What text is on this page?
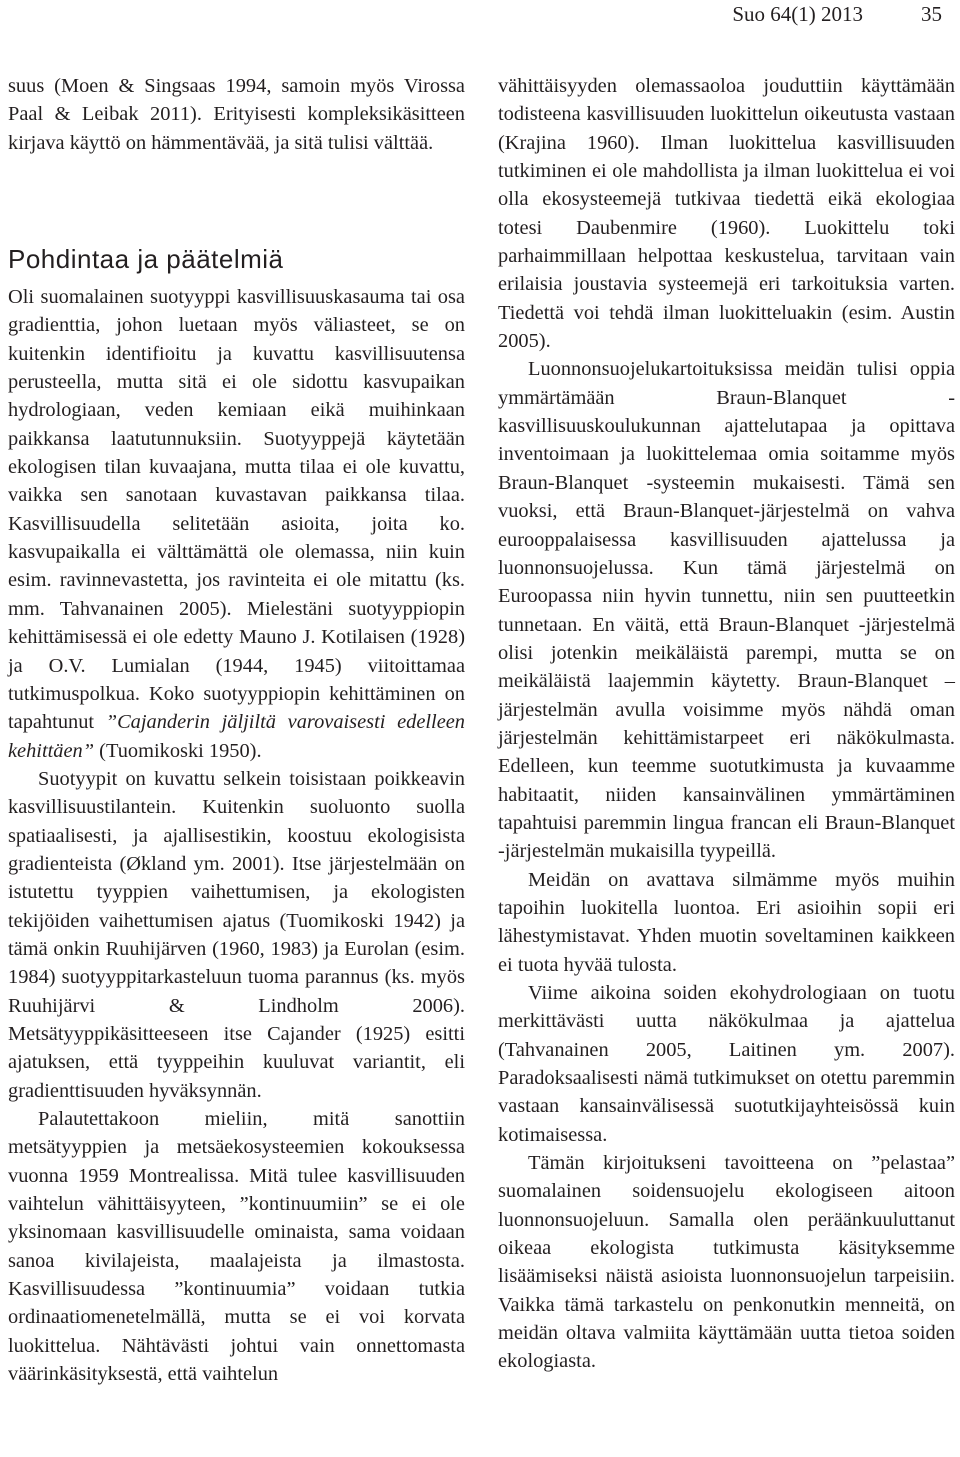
Suo 64(1) 2013	35

suus (Moen & Singsaas 1994, samoin myös Virossa Paal & Leibak 2011). Erityisesti kompleksikäsitteen kirjava käyttö on hämmentävää, ja sitä tulisi välttää.

Pohdintaa ja päätelmiä

Oli suomalainen suotyyppi kasvillisuuskasauma tai osa gradienttia, johon luetaan myös väliasteet, se on kuitenkin identifioitu ja kuvattu kasvillisuutensa perusteella, mutta sitä ei ole sidottu kasvupaikan hydrologiaan, veden kemiaan eikä muihinkaan paikkansa laatutunnuksiin. Suotyyppejä käytetään ekologisen tilan kuvaajana, mutta tilaa ei ole kuvattu, vaikka sen sanotaan kuvastavan paikkansa tilaa. Kasvillisuudella selitetään asioita, joita ko. kasvupaikalla ei välttämättä ole olemassa, niin kuin esim. ravinnevastetta, jos ravinteita ei ole mitattu (ks. mm. Tahvanainen 2005). Mielestäni suotyyppiopin kehittämisessä ei ole edetty Mauno J. Kotilaisen (1928) ja O.V. Lumialan (1944, 1945) viitoittamaa tutkimuspolkua. Koko suotyyppiopin kehittäminen on tapahtunut ”Cajanderin jäljiltä varovaisesti edelleen kehittäen” (Tuomikoski 1950).

Suotyypit on kuvattu selkein toisistaan poikkeavin kasvillisuustilantein. Kuitenkin suoluonto suolla spatiaalisesti, ja ajallisestikin, koostuu ekologisista gradienteista (Økland ym. 2001). Itse järjestelmään on istutettu tyyppien vaihettumisen, ja ekologisten tekijöiden vaihettumisen ajatus (Tuomikoski 1942) ja tämä onkin Ruuhijärven (1960, 1983) ja Eurolan (esim. 1984) suotyyppitarkasteluun tuoma parannus (ks. myös Ruuhijärvi & Lindholm 2006). Metsätyyppikäsitteeseen itse Cajander (1925) esitti ajatuksen, että tyyppeihin kuuluvat variantit, eli gradienttisuuden hyväksynnän.

Palautettakoon mieliin, mitä sanottiin metsätyyppien ja metsäekosysteemien kokouksessa vuonna 1959 Montrealissa. Mitä tulee kasvillisuuden vaihtelun vähittäisyyteen, ”kontinuumiin” se ei ole yksinomaan kasvillisuudelle ominaista, sama voidaan sanoa kivilajeista, maalajeista ja ilmastosta. Kasvillisuudessa ”kontinuumia” voidaan tutkia ordinaatiomenetelmällä, mutta se ei voi korvata luokittelua. Nähtävästi johtui vain onnettomasta väärinkäsityksestä, että vaihtelun

vähittäisyyden olemassaoloa jouduttiin käyttämään todisteena kasvillisuuden luokittelun oikeutusta vastaan (Krajina 1960). Ilman luokittelua kasvillisuuden tutkiminen ei ole mahdollista ja ilman luokittelua ei voi olla ekosysteemejä tutkivaa tiedettä eikä ekologiaa totesi Daubenmire (1960). Luokittelu toki parhaimmillaan helpottaa keskustelua, tarvitaan vain erilaisia joustavia systeemejä eri tarkoituksia varten. Tiedettä voi tehdä ilman luokitteluakin (esim. Austin 2005).

Luonnonsuojelukartoituksissa meidän tulisi oppia ymmärtämään Braun-Blanquet -kasvillisuuskoulukunnan ajattelutapaa ja opittava inventoimaan ja luokittelemaa omia soitamme myös Braun-Blanquet -systeemin mukaisesti. Tämä sen vuoksi, että Braun-Blanquet-järjestelmä on vahva eurooppalaisessa kasvillisuuden ajattelussa ja luonnonsuojelussa. Kun tämä järjestelmä on Euroopassa niin hyvin tunnettu, niin sen puutteetkin tunnetaan. En väitä, että Braun-Blanquet -järjestelmä olisi jotenkin meikäläistä parempi, mutta se on meikäläistä laajemmin käytetty. Braun-Blanquet –järjestelmän avulla voisimme myös nähdä oman järjestelmän kehittämistarpeet eri näkökulmasta. Edelleen, kun teemme suotutkimusta ja kuvaamme habitaatit, niiden kansainvälinen ymmärtäminen tapahtuisi paremmin lingua francan eli Braun-Blanquet -järjestelmän mukaisilla tyypeillä.

Meidän on avattava silmämme myös muihin tapoihin luokitella luontoa. Eri asioihin sopii eri lähestymistavat. Yhden muotin soveltaminen kaikkeen ei tuota hyvää tulosta.

Viime aikoina soiden ekohydrologiaan on tuotu merkittävästi uutta näkökulmaa ja ajattelua (Tahvanainen 2005, Laitinen ym. 2007). Paradoksaalisesti nämä tutkimukset on otettu paremmin vastaan kansainvälisessä suotutkijayhteisössä kuin kotimaisessa.

Tämän kirjoitukseni tavoitteena on ”pelastaa” suomalainen soidensuojelu ekologiseen aitoon luonnonsuojeluun. Samalla olen peräänkuuluttanut oikeaa ekologista tutkimusta käsityksemme lisäämiseksi näistä asioista luonnonsuojelun tarpeisiin. Vaikka tämä tarkastelu on penkonutkin menneitä, on meidän oltava valmiita käyttämään uutta tietoa soiden ekologiasta.
